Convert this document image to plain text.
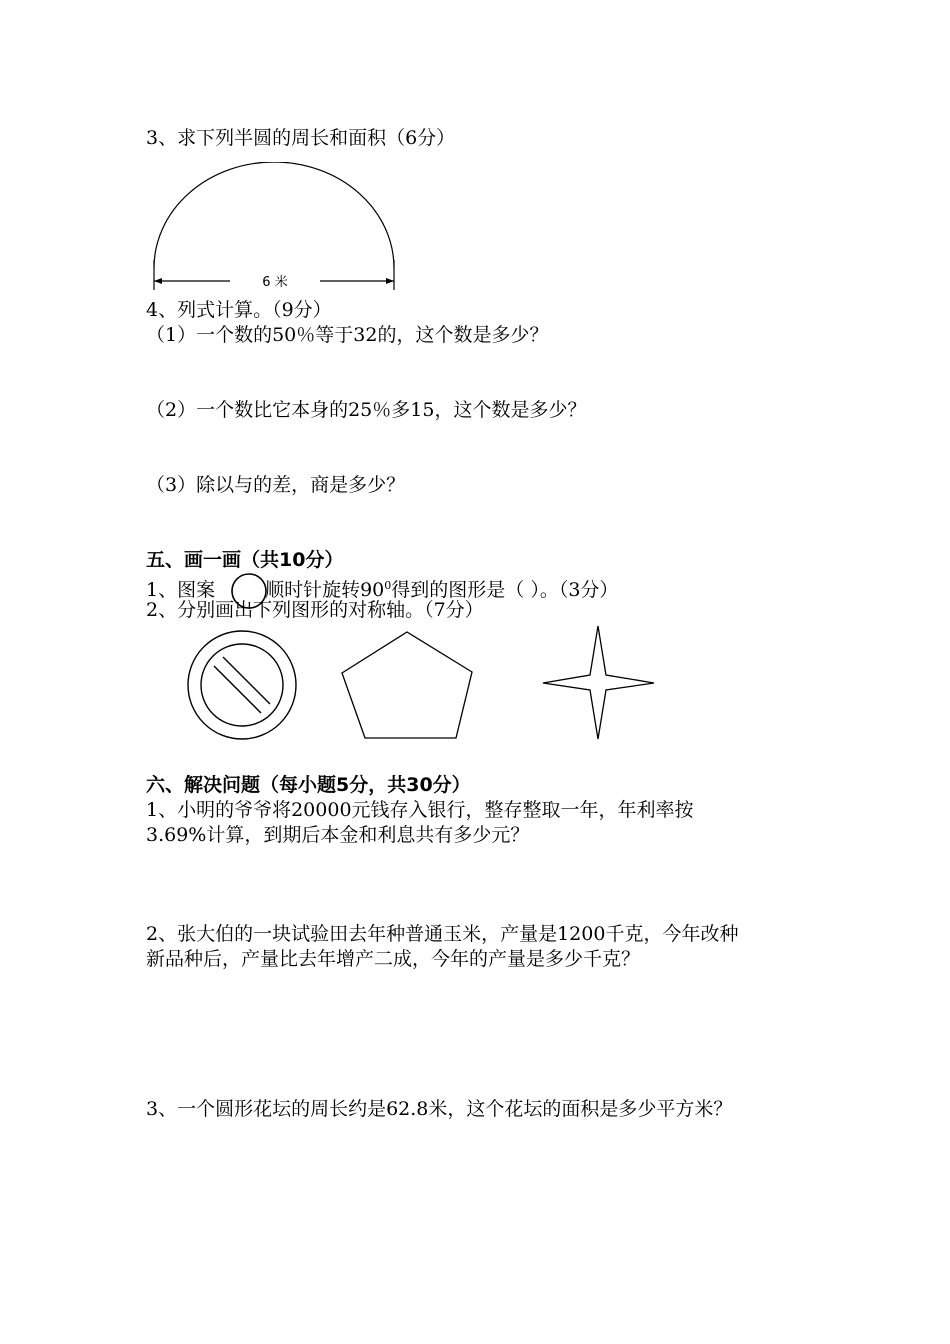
3、求下列半圆的周长和面积（6分）
6 米
4、列式计算。（9分）
（1）一个数的50％等于32的，这个数是多少？
（2）一个数比它本身的25％多15，这个数是多少？
（3）除以与的差，商是多少？
五、画一画（共10分）
1、图案	顺时针旋转$90^0$得到的图形是（ ）。（3分）
2、分别画出下列图形的对称轴。（7分）
六、解决问题（每小题5分，共30分）
1、小明的爷爷将20000元钱存入银行，整存整取一年，年利率按
3.69%计算，到期后本金和利息共有多少元？
2、张大伯的一块试验田去年种普通玉米，产量是1200千克，今年改种
新品种后，产量比去年增产二成，今年的产量是多少千克？
3、一个圆形花坛的周长约是62.8米，这个花坛的面积是多少平方米？
